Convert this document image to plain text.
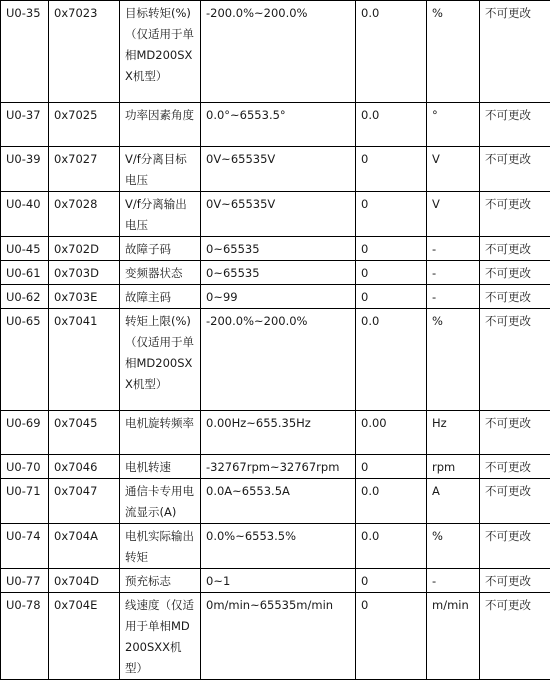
U0-35	0x7023	目标转矩(%)（仅适用于单相MD200SXX机型）	-200.0%~200.0%	0.0	%	不可更改
U0-37	0x7025	功率因素角度	0.0°~6553.5°	0.0	°	不可更改
U0-39	0x7027	V/f分离目标电压	0V~65535V	0	V	不可更改
U0-40	0x7028	V/f分离输出电压	0V~65535V	0	V	不可更改
U0-45	0x702D	故障子码	0~65535	0	-	不可更改
U0-61	0x703D	变频器状态	0~65535	0	-	不可更改
U0-62	0x703E	故障主码	0~99	0	-	不可更改
U0-65	0x7041	转矩上限(%)（仅适用于单相MD200SXX机型）	-200.0%~200.0%	0.0	%	不可更改
U0-69	0x7045	电机旋转频率	0.00Hz~655.35Hz	0.00	Hz	不可更改
U0-70	0x7046	电机转速	-32767rpm~32767rpm	0	rpm	不可更改
U0-71	0x7047	通信卡专用电流显示(A)	0.0A~6553.5A	0.0	A	不可更改
U0-74	0x704A	电机实际输出转矩	0.0%~6553.5%	0.0	%	不可更改
U0-77	0x704D	预充标志	0~1	0	-	不可更改
U0-78	0x704E	线速度（仅适用于单相MD200SXX机型）	0m/min~65535m/min	0	m/min	不可更改
